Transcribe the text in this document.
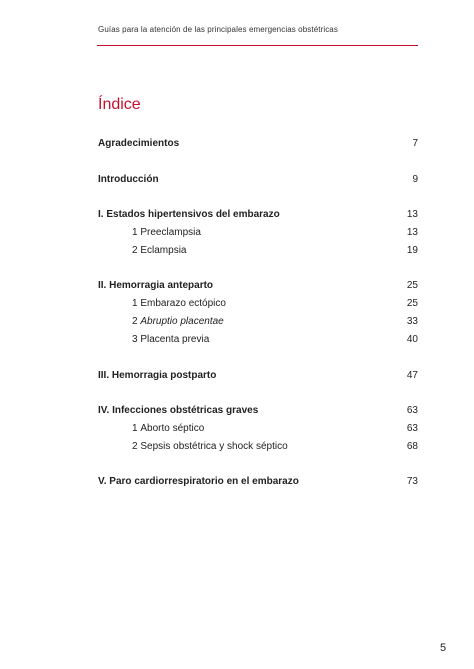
Guías para la atención de las principales emergencias obstétricas
Índice
Agradecimientos	7
Introducción	9
I. Estados hipertensivos del embarazo	13
1 Preeclampsia	13
2 Eclampsia	19
II. Hemorragia anteparto	25
1 Embarazo ectópico	25
2 Abruptio placentae	33
3 Placenta previa	40
III. Hemorragia postparto	47
IV. Infecciones obstétricas graves	63
1 Aborto séptico	63
2 Sepsis obstétrica y shock séptico	68
V. Paro cardiorrespiratorio en el embarazo	73
5
